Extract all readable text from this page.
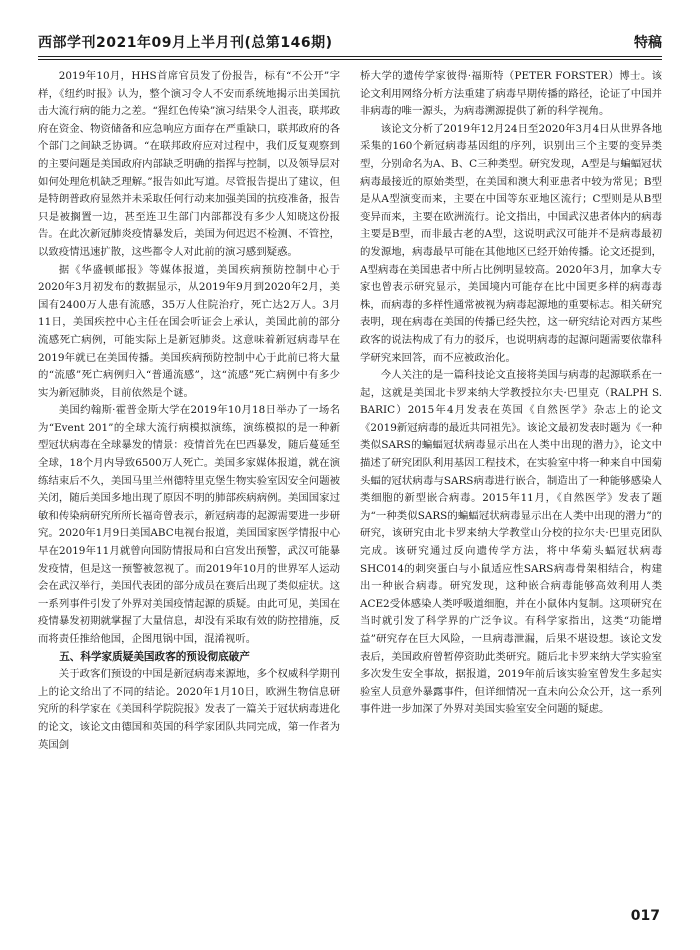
西部学刊2021年09月上半月刊(总第146期)	特稿

2019年10月，HHS首席官员发了份报告，标有“不公开”字样，《纽约时报》认为，整个演习令人不安而系统地揭示出美国抗击大流行病的能力之差。“猩红色传染”演习结果令人沮丧，联邦政府在资金、物资储备和应急响应方面存在严重缺口，联邦政府的各个部门之间缺乏协调。“在联邦政府应对过程中，我们反复观察到的主要问题是美国政府内部缺乏明确的指挥与控制，以及领导层对如何处理危机缺乏理解。”报告如此写道。尽管报告提出了建议，但是特朗普政府显然并未采取任何行动来加强美国的抗疫准备，报告只是被搁置一边，甚至连卫生部门内部都没有多少人知晓这份报告。在此次新冠肺炎疫情暴发后，美国为何迟迟不检测、不管控，以致疫情迅速扩散，这些都令人对此前的演习感到疑惑。

据《华盛顿邮报》等媒体报道，美国疾病预防控制中心于2020年3月初发布的数据显示，从2019年9月到2020年2月，美国有2400万人患有流感，35万人住院治疗，死亡达2万人。3月11日，美国疾控中心主任在国会听证会上承认，美国此前的部分流感死亡病例，可能实际上是新冠肺炎。这意味着新冠病毒早在2019年就已在美国传播。美国疾病预防控制中心于此前已将大量的“流感”死亡病例归入“普通流感”，这“流感”死亡病例中有多少实为新冠肺炎，目前依然是个谜。

美国约翰斯·霍普金斯大学在2019年10月18日举办了一场名为“Event 201”的全球大流行病模拟演练，演练模拟的是一种新型冠状病毒在全球暴发的情景：疫情首先在巴西暴发，随后蔓延至全球，18个月内导致6500万人死亡。美国多家媒体报道，就在演练结束后不久，美国马里兰州德特里克堡生物实验室因安全问题被关闭，随后美国多地出现了原因不明的肺部疾病病例。美国国家过敏和传染病研究所所长福奇曾表示，新冠病毒的起源需要进一步研究。2020年1月9日美国ABC电视台报道，美国国家医学情报中心早在2019年11月就曾向国防情报局和白宫发出预警，武汉可能暴发疫情，但是这一预警被忽视了。而2019年10月的世界军人运动会在武汉举行，美国代表团的部分成员在赛后出现了类似症状。这一系列事件引发了外界对美国疫情起源的质疑。由此可见，美国在疫情暴发初期就掌握了大量信息，却没有采取有效的防控措施，反而将责任推给他国，企图甩锅中国，混淆视听。

五、科学家质疑美国政客的预设彻底破产

关于政客们预设的中国是新冠病毒来源地，多个权威科学期刊上的论文给出了不同的结论。2020年1月10日，欧洲生物信息研究所的科学家在《美国科学院院报》发表了一篇关于冠状病毒进化的论文，该论文由德国和英国的科学家团队共同完成，第一作者为英国剑

桥大学的遗传学家彼得·福斯特（PETER FORSTER）博士。该论文利用网络分析方法重建了病毒早期传播的路径，论证了中国并非病毒的唯一源头，为病毒溯源提供了新的科学视角。

该论文分析了2019年12月24日至2020年3月4日从世界各地采集的160个新冠病毒基因组的序列，识别出三个主要的变异类型，分别命名为A、B、C三种类型。研究发现，A型是与蝙蝠冠状病毒最接近的原始类型，在美国和澳大利亚患者中较为常见；B型是从A型演变而来，主要在中国等东亚地区流行；C型则是从B型变异而来，主要在欧洲流行。论文指出，中国武汉患者体内的病毒主要是B型，而非最古老的A型，这说明武汉可能并不是病毒最初的发源地，病毒最早可能在其他地区已经开始传播。论文还提到，A型病毒在美国患者中所占比例明显较高。2020年3月，加拿大专家也曾表示研究显示，美国境内可能存在比中国更多样的病毒毒株，而病毒的多样性通常被视为病毒起源地的重要标志。相关研究表明，现在病毒在美国的传播已经失控，这一研究结论对西方某些政客的说法构成了有力的驳斥，也说明病毒的起源问题需要依靠科学研究来回答，而不应被政治化。

今人关注的是一篇科技论文直接将美国与病毒的起源联系在一起，这就是美国北卡罗来纳大学教授拉尔夫·巴里克（RALPH S. BARIC）2015年4月发表在英国《自然医学》杂志上的论文《2019新冠病毒的最近共同祖先》。该论文最初发表时题为《一种类似SARS的蝙蝠冠状病毒显示出在人类中出现的潜力》，论文中描述了研究团队利用基因工程技术，在实验室中将一种来自中国菊头蝠的冠状病毒与SARS病毒进行嵌合，制造出了一种能够感染人类细胞的新型嵌合病毒。2015年11月，《自然医学》发表了题为“一种类似SARS的蝙蝠冠状病毒显示出在人类中出现的潜力”的研究，该研究由北卡罗来纳大学教堂山分校的拉尔夫·巴里克团队完成。该研究通过反向遗传学方法，将中华菊头蝠冠状病毒SHC014的刺突蛋白与小鼠适应性SARS病毒骨架相结合，构建出一种嵌合病毒。研究发现，这种嵌合病毒能够高效利用人类ACE2受体感染人类呼吸道细胞，并在小鼠体内复制。这项研究在当时就引发了科学界的广泛争议。有科学家指出，这类“功能增益”研究存在巨大风险，一旦病毒泄漏，后果不堪设想。该论文发表后，美国政府曾暂停资助此类研究。随后北卡罗来纳大学实验室多次发生安全事故，据报道，2019年前后该实验室曾发生多起实验室人员意外暴露事件，但详细情况一直未向公众公开，这一系列事件进一步加深了外界对美国实验室安全问题的疑虑。

017
